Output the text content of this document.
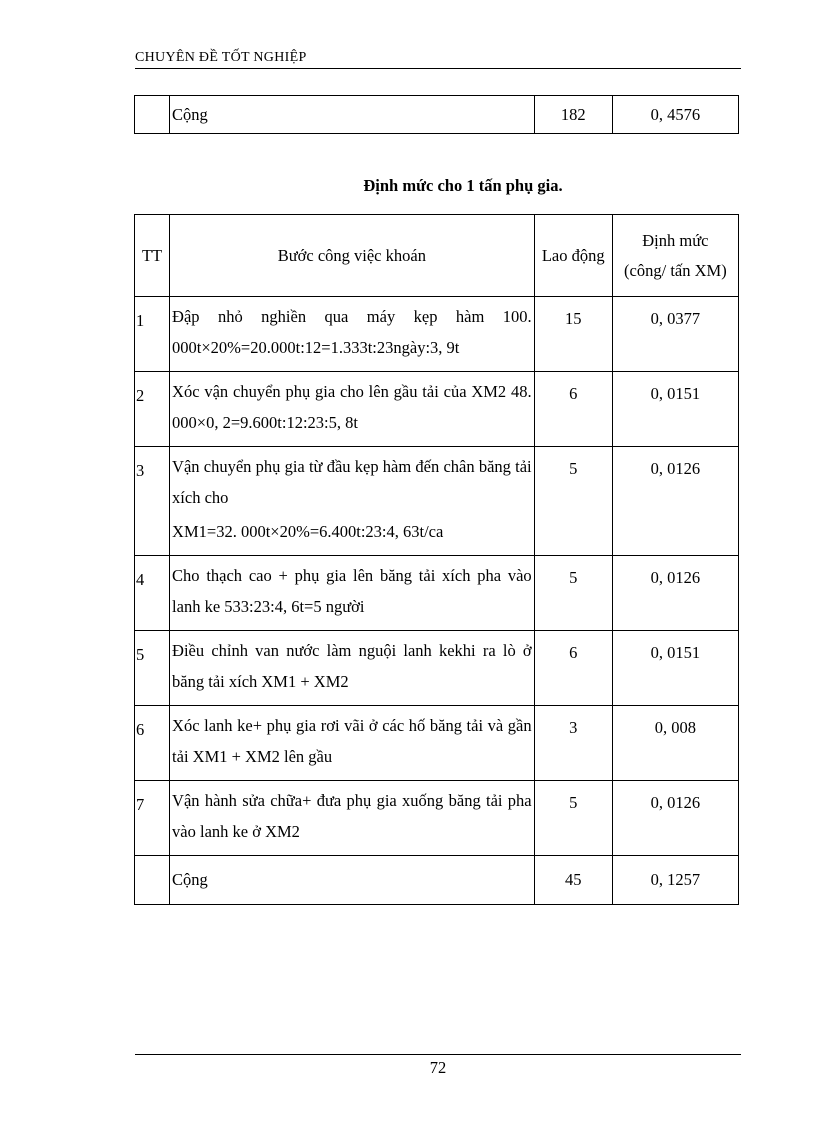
CHUYÊN ĐỀ TỐT NGHIỆP
	Cộng	182	0, 4576
Định mức cho 1 tấn phụ gia.
TT	Bước công việc khoán	Lao động	Định mức
(công/ tấn XM)

1	Đập nhỏ nghiền qua máy kẹp hàm 100. 000t×20%=20.000t:12=1.333t:23ngày:3, 9t	15	0, 0377
2	Xóc vận chuyển phụ gia cho lên gầu tải của XM2 48. 000×0, 2=9.600t:12:23:5, 8t	6	0, 0151
3	Vận chuyển phụ gia từ đầu kẹp hàm đến chân băng tải xích cho

XM1=32. 000t×20%=6.400t:23:4, 63t/ca	5	0, 0126
4	Cho thạch cao + phụ gia lên băng tải xích pha vào lanh ke 533:23:4, 6t=5 người	5	0, 0126
5	Điều chỉnh van nước làm nguội lanh kekhi ra lò ở băng tải xích XM1 + XM2	6	0, 0151
6	Xóc lanh ke+ phụ gia rơi vãi ở các hố băng tải và gần tải XM1 + XM2 lên gầu	3	0, 008
7	Vận hành sửa chữa+ đưa phụ gia xuống băng tải pha vào lanh ke ở XM2	5	0, 0126
	Cộng	45	0, 1257
72
